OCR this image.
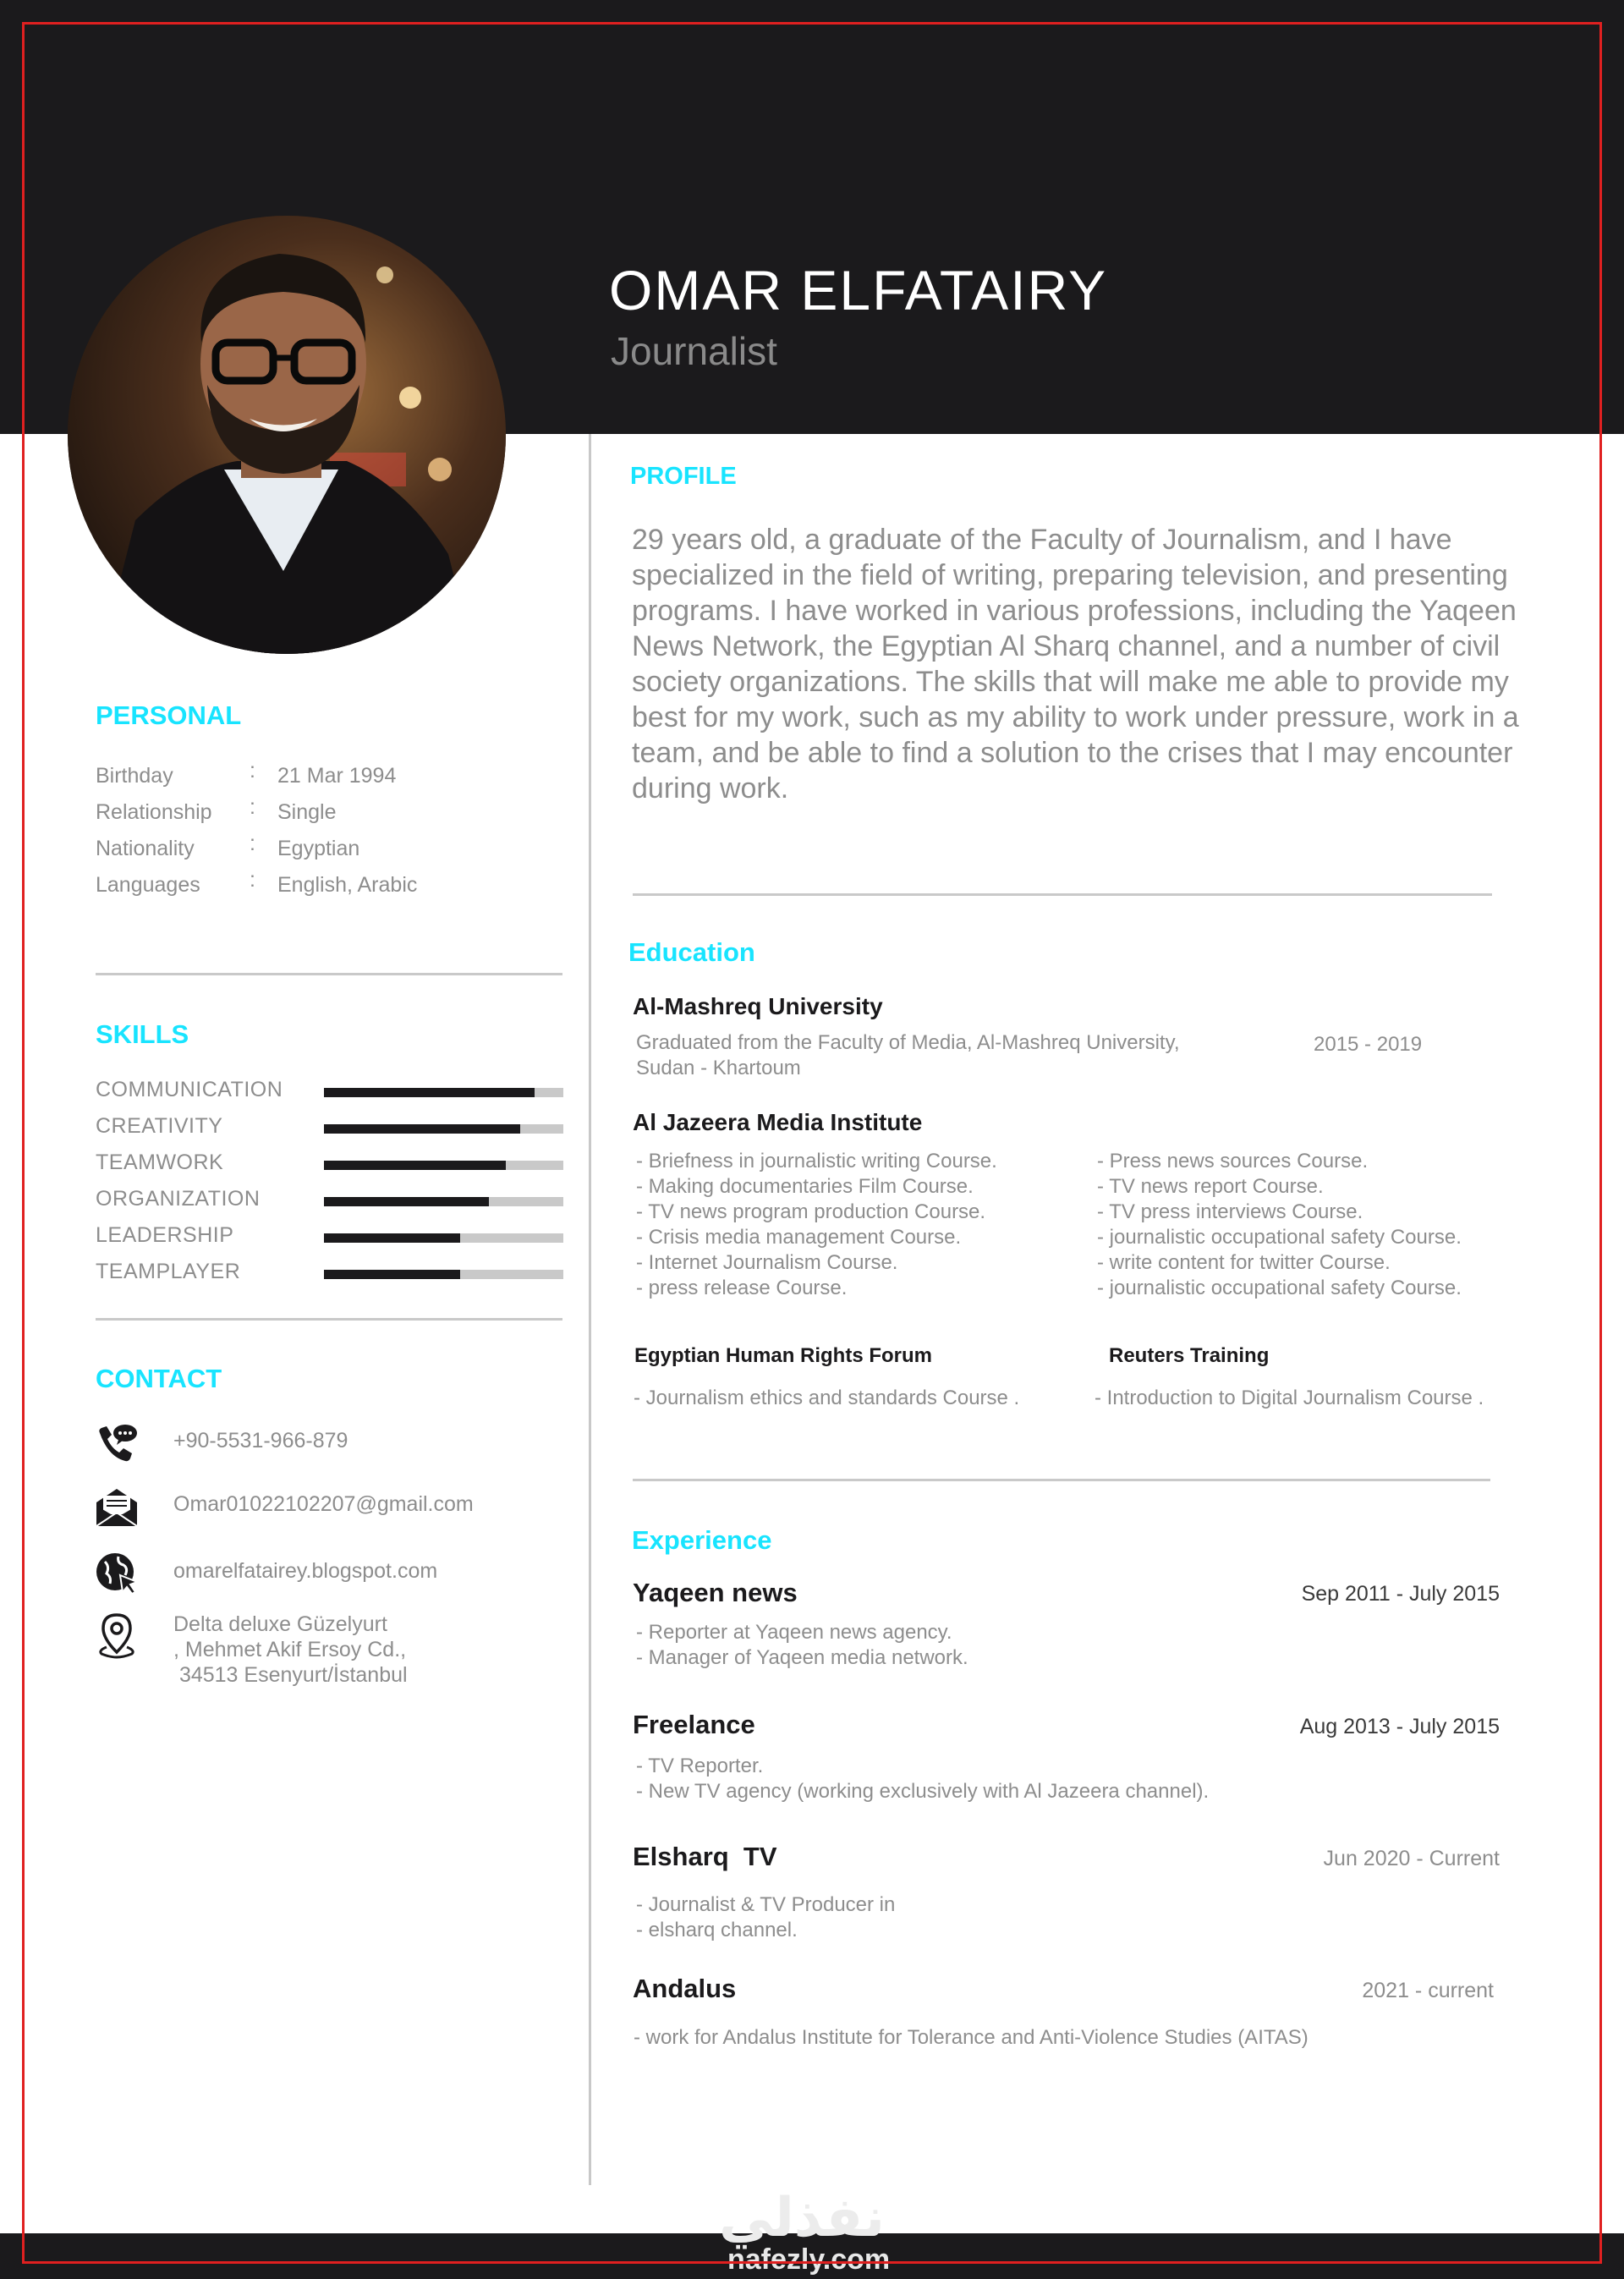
OMAR ELFATAIRY
Journalist
PERSONAL
Birthday	: 21 Mar 1994
Relationship : Single
Nationality	: Egyptian
Languages : English, Arabic
SKILLS
COMMUNICATION
CREATIVITY
TEAMWORK
ORGANIZATION
LEADERSHIP
TEAMPLAYER
CONTACT
+90-5531-966-879
Omar01022102207@gmail.com
omarelfatairey.blogspot.com
Delta deluxe Güzelyurt
, Mehmet Akif Ersoy Cd.,
34513 Esenyurt/İstanbul
PROFILE
29 years old, a graduate of the Faculty of Journalism, and I have specialized in the field of writing, preparing television, and presenting programs. I have worked in various professions, including the Yaqeen News Network, the Egyptian Al Sharq channel, and a number of civil society organizations. The skills that will make me able to provide my best for my work, such as my ability to work under pressure, work in a team, and be able to find a solution to the crises that I may encounter during work.
Education
Al-Mashreq University
Graduated from the Faculty of Media, Al-Mashreq University,
Sudan - Khartoum
2015 - 2019
Al Jazeera Media Institute
- Briefness in journalistic writing Course.
- Making documentaries Film Course.
- TV news program production Course.
- Crisis media management Course.
- Internet Journalism Course.
- press release Course.
- Press news sources Course.
- TV news report Course.
- TV press interviews Course.
- journalistic occupational safety Course.
- write content for twitter Course.
- journalistic occupational safety Course.
Egyptian Human Rights Forum
- Journalism ethics and standards Course .
Reuters Training
- Introduction to Digital Journalism Course .
Experience
Yaqeen news	Sep 2011 - July 2015
- Reporter at Yaqeen news agency.
- Manager of Yaqeen media network.
Freelance	Aug 2013 - July 2015
- TV Reporter.
- New TV agency (working exclusively with Al Jazeera channel).
Elsharq  TV	Jun 2020 - Current
- Journalist & TV Producer in
- elsharq channel.
Andalus	2021 - current
- work for Andalus Institute for Tolerance and Anti-Violence Studies (AITAS)
نفذلي
nafezly.com
